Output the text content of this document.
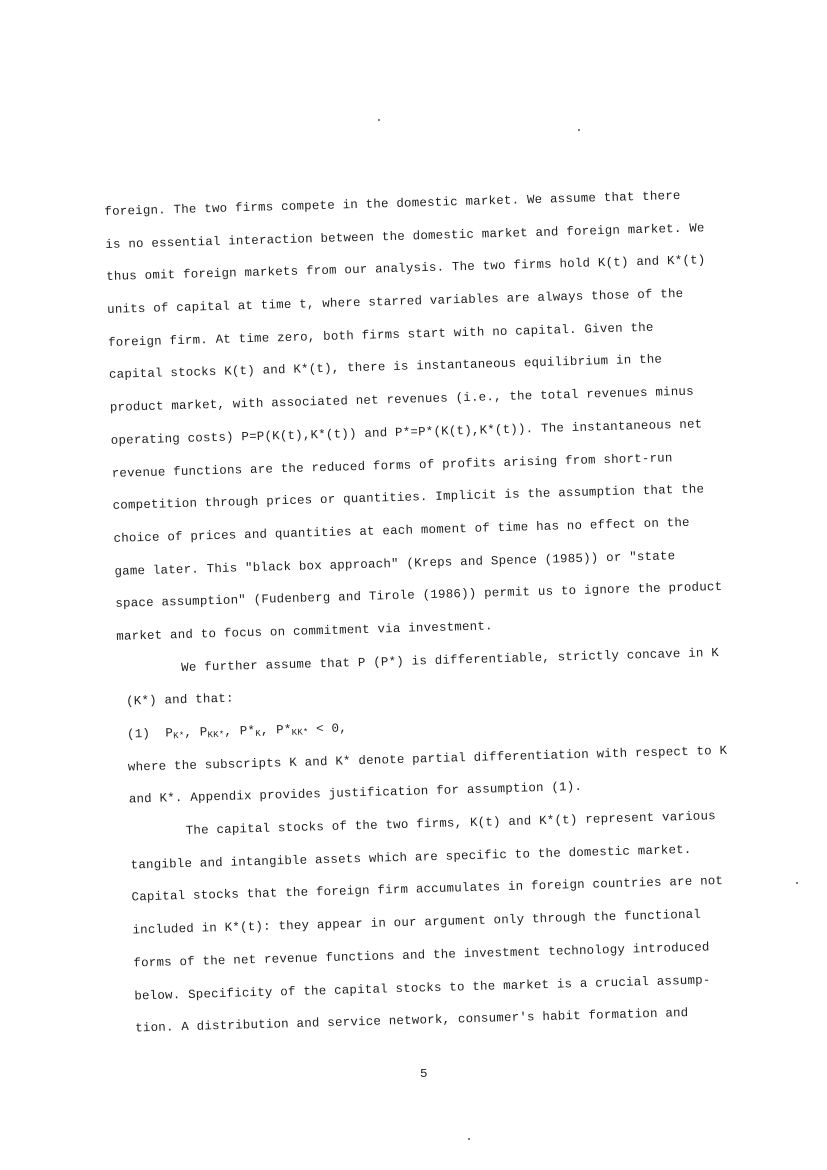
foreign. The two firms compete in the domestic market. We assume that there
is no essential interaction between the domestic market and foreign market. We
thus omit foreign markets from our analysis. The two firms hold K(t) and K*(t)
units of capital at time t, where starred variables are always those of the
foreign firm. At time zero, both firms start with no capital. Given the
capital stocks K(t) and K*(t), there is instantaneous equilibrium in the
product market, with associated net revenues (i.e., the total revenues minus
operating costs) P=P(K(t),K*(t)) and P*=P*(K(t),K*(t)). The instantaneous net
revenue functions are the reduced forms of profits arising from short-run
competition through prices or quantities. Implicit is the assumption that the
choice of prices and quantities at each moment of time has no effect on the
game later. This "black box approach" (Kreps and Spence (1985)) or "state
space assumption" (Fudenberg and Tirole (1986)) permit us to ignore the product
market and to focus on commitment via investment.
We further assume that P (P*) is differentiable, strictly concave in K
(K*) and that:
(1) $P_{K*}$, $P_{KK*}$, $P*_K$, $P*_{KK*} < 0$,
where the subscripts K and K* denote partial differentiation with respect to K
and K*. Appendix provides justification for assumption (1).
The capital stocks of the two firms, K(t) and K*(t) represent various
tangible and intangible assets which are specific to the domestic market.
Capital stocks that the foreign firm accumulates in foreign countries are not
included in K*(t): they appear in our argument only through the functional
forms of the net revenue functions and the investment technology introduced
below. Specificity of the capital stocks to the market is a crucial assump-
tion. A distribution and service network, consumer's habit formation and
5
